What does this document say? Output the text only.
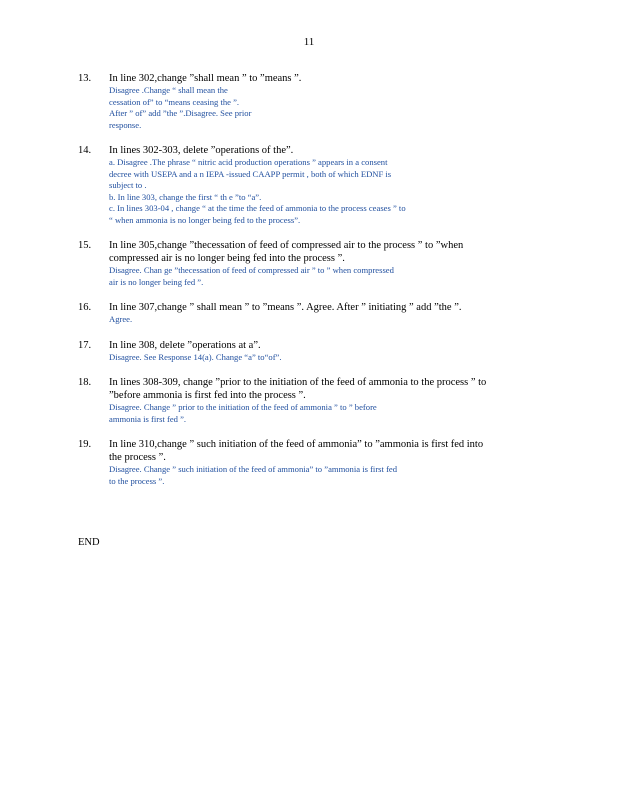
11
13.	In line 302,change ”shall mean ” to ”means ”.
Disagree .Change “ shall mean the
cessation of” to “means ceasing the ”.
After ” of” add ”the ”.Disagree. See prior
response.
14.	In lines 302-303, delete ”operations of the”.
a. Disagree .The phrase “ nitric acid production operations ” appears in a consent
decree with USEPA and a n IEPA -issued CAAPP permit , both of which EDNF is
subject to .
b. In line 303, change the first “ th e ”to “a”.
c. In lines 303-04 , change “ at the time the feed of ammonia to the process ceases ” to
“ when ammonia is no longer being fed to the process”.
15.	In line 305,change ”thecessation of feed of compressed air to the process ” to ”when
compressed air is no longer being fed into the process ”.
Disagree. Chan ge ”thecessation of feed of compressed air ” to ” when compressed
air is no longer being fed ”.
16.	In line 307,change ” shall mean ” to ”means ”. Agree. After ” initiating ” add ”the ”.
Agree.
17.	In line 308, delete ”operations at a”.
Disagree. See Response 14(a). Change “a” to“of”.
18.	In lines 308-309, change ”prior to the initiation of the feed of ammonia to the process ” to
”before ammonia is first fed into the process ”.
Disagree. Change ” prior to the initiation of the feed of ammonia ” to ” before
ammonia is first fed ”.
19.	In line 310,change ” such initiation of the feed of ammonia” to ”ammonia is first fed into
the process ”.
Disagree. Change ” such initiation of the feed of ammonia” to ”ammonia is first fed
to the process ”.
END
